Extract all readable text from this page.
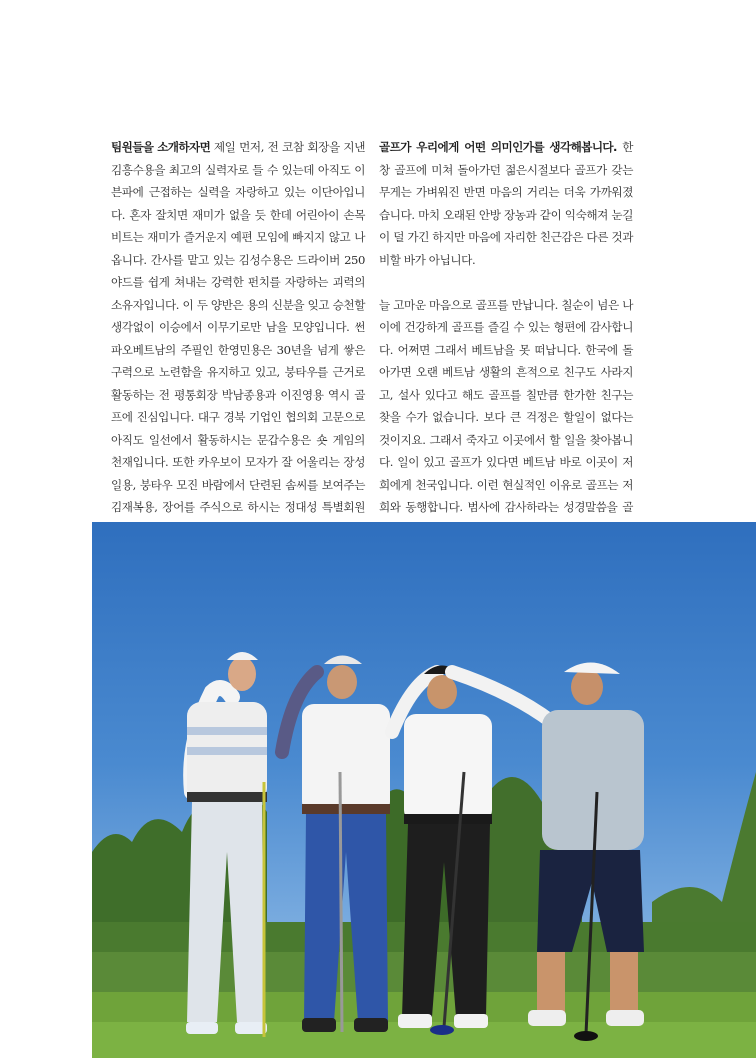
팀원들을 소개하자면 제일 먼저, 전 코참 회장을 지낸 김흥수용을 최고의 실력자로 들 수 있는데 아직도 이븐파에 근접하는 실력을 자랑하고 있는 이단아입니다. 혼자 잘치면 재미가 없을 듯 한데 어린아이 손목 비트는 재미가 즐거운지 예편 모임에 빠지지 않고 나옵니다. 간사를 맡고 있는 김성수용은 드라이버 250야드를 쉽게 쳐내는 강력한 펀치를 자랑하는 괴력의 소유자입니다. 이 두 양반은 용의 신분을 잊고 승천할 생각없이 이승에서 이무기로만 남을 모양입니다. 썬파오베트남의 주필인 한영민용은 30년을 넘게 쌓은 구력으로 노련함을 유지하고 있고, 붕타우를 근거로 활동하는 전 평통회장 박남종용과 이진영용 역시 골프에 진심입니다. 대구 경북 기업인 협의회 고문으로 아직도 일선에서 활동하시는 문갑수용은 숏 게임의 천재입니다. 또한 카우보이 모자가 잘 어울리는 장성일용, 붕타우 모진 바람에서 단련된 솜씨를 보여주는 김재복용, 장어를 주식으로 하시는 정대성 특별회원

골프가 우리에게 어떤 의미인가를 생각해봅니다. 한창 골프에 미쳐 돌아가던 젊은시절보다 골프가 갖는 무게는 가벼워진 반면 마음의 거리는 더욱 가까워졌습니다. 마치 오래된 안방 장농과 같이 익숙해져 눈길이 덜 가긴 하지만 마음에 자리한 친근감은 다른 것과 비할 바가 아닙니다.

늘 고마운 마음으로 골프를 만납니다. 칠순이 넘은 나이에 건강하게 골프를 즐길 수 있는 형편에 감사합니다. 어쩌면 그래서 베트남을 못 떠납니다. 한국에 돌아가면 오랜 베트남 생활의 흔적으로 친구도 사라지고, 설사 있다고 해도 골프를 칠만큼 한가한 친구는 찾을 수가 없습니다. 보다 큰 걱정은 할일이 없다는 것이지요. 그래서 죽자고 이곳에서 할 일을 찾아봅니다. 일이 있고 골프가 있다면 베트남 바로 이곳이 저희에게 천국입니다. 이런 현실적인 이유로 골프는 저희와 동행합니다. 범사에 감사하라는 성경말씀을 골
